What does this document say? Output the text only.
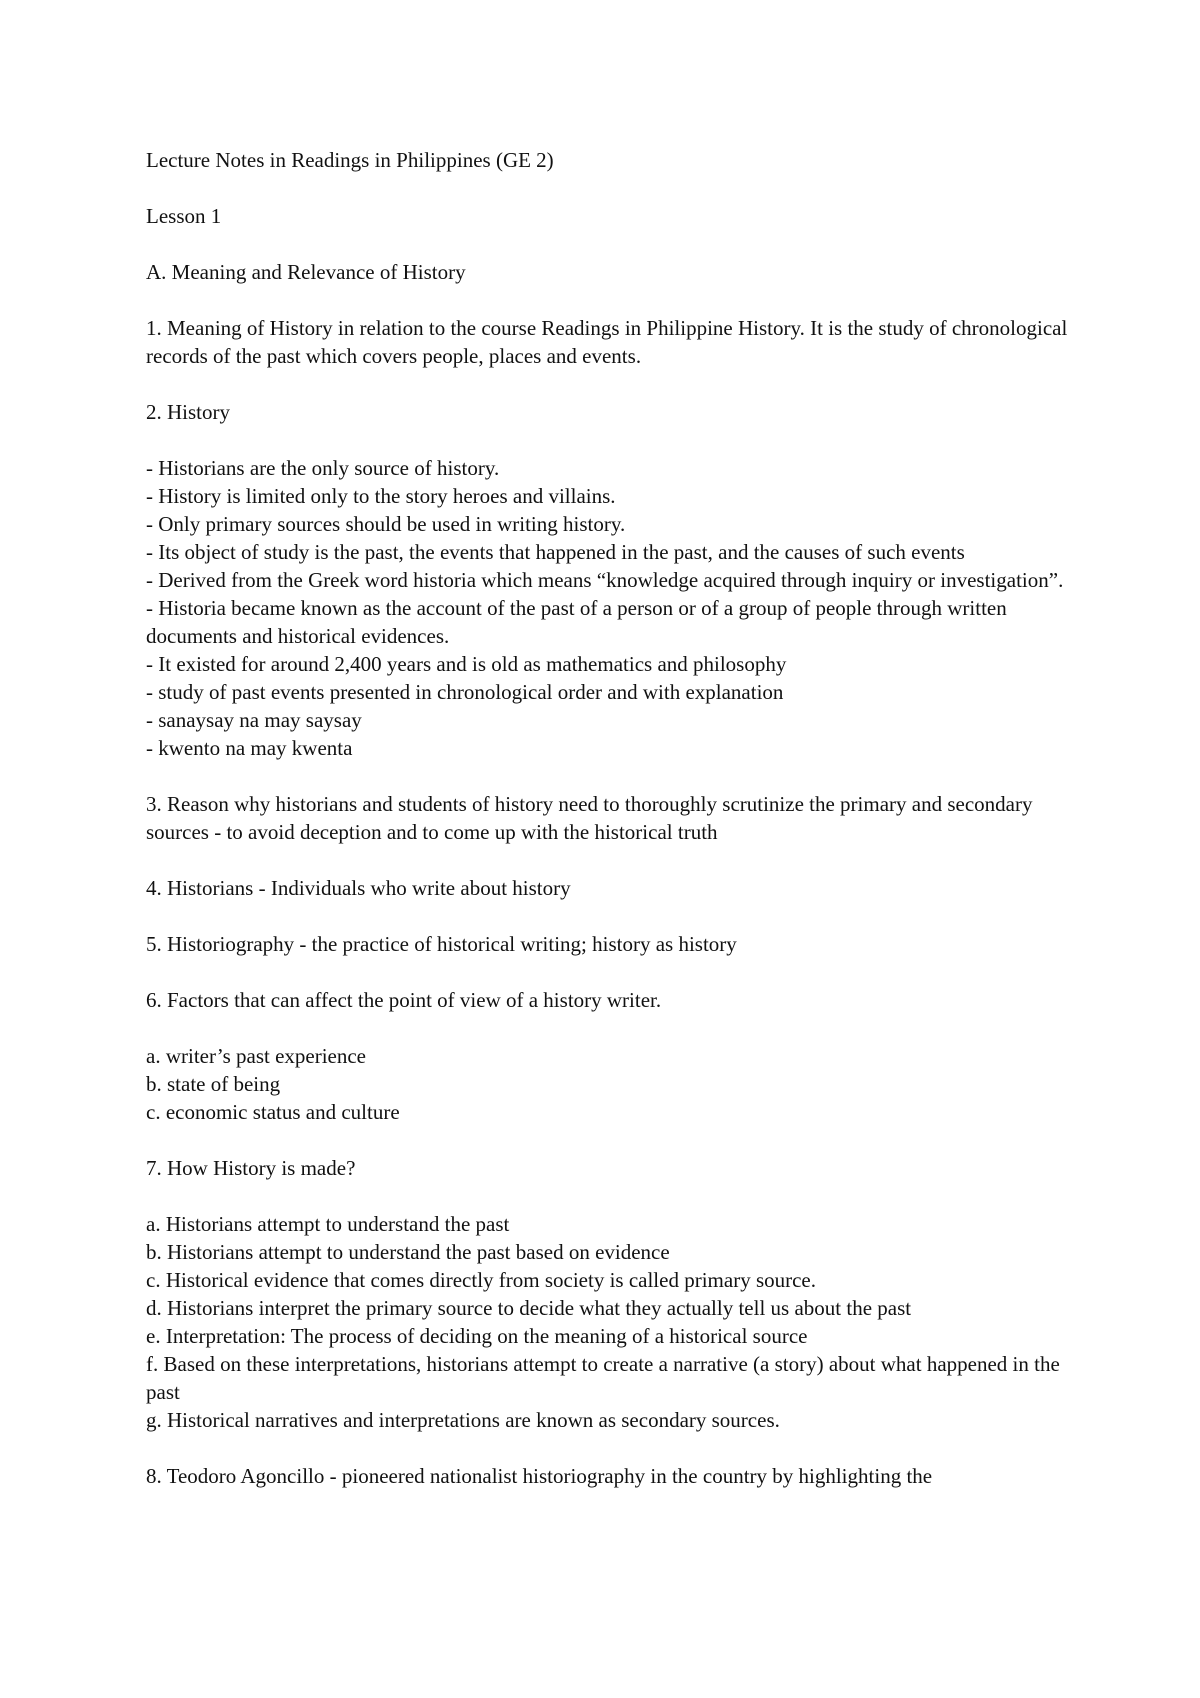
Lecture Notes in Readings in Philippines (GE 2)

Lesson 1

A. Meaning and Relevance of History

1. Meaning of History in relation to the course Readings in Philippine History. It is the study of chronological records of the past which covers people, places and events.

2. History

- Historians are the only source of history.
- History is limited only to the story heroes and villains.
- Only primary sources should be used in writing history.
- Its object of study is the past, the events that happened in the past, and the causes of such events
- Derived from the Greek word historia which means “knowledge acquired through inquiry or investigation”.
- Historia became known as the account of the past of a person or of a group of people through written documents and historical evidences.
- It existed for around 2,400 years and is old as mathematics and philosophy
- study of past events presented in chronological order and with explanation
- sanaysay na may saysay
- kwento na may kwenta

3. Reason why historians and students of history need to thoroughly scrutinize the primary and secondary sources - to avoid deception and to come up with the historical truth

4. Historians - Individuals who write about history

5. Historiography - the practice of historical writing; history as history

6. Factors that can affect the point of view of a history writer.

a. writer’s past experience
b. state of being
c. economic status and culture

7. How History is made?

a. Historians attempt to understand the past
b. Historians attempt to understand the past based on evidence
c. Historical evidence that comes directly from society is called primary source.
d. Historians interpret the primary source to decide what they actually tell us about the past
e. Interpretation: The process of deciding on the meaning of a historical source
f. Based on these interpretations, historians attempt to create a narrative (a story) about what happened in the past
g. Historical narratives and interpretations are known as secondary sources.

8. Teodoro Agoncillo - pioneered nationalist historiography in the country by highlighting the
